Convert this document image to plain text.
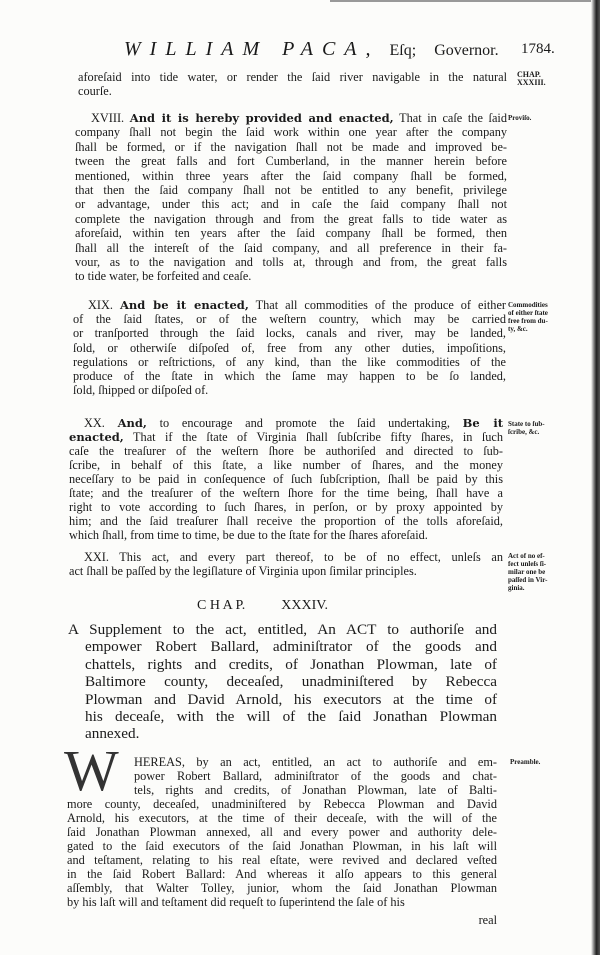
WILLIAM PACA, Eſq; Governor. 1784.
W
C H A P.	XXXIV.
real
aforeſaid into tide water, or render the ſaid river navigable in the natural
courſe.
XVIII. And it is hereby provided and enacted, That in caſe the ſaid
company ſhall not begin the ſaid work within one year after the company
ſhall be formed, or if the navigation ſhall not be made and improved be-
tween the great falls and fort Cumberland, in the manner herein before
mentioned, within three years after the ſaid company ſhall be formed,
that then the ſaid company ſhall not be entitled to any benefit, privilege
or advantage, under this act; and in caſe the ſaid company ſhall not
complete the navigation through and from the great falls to tide water as
aforeſaid, within ten years after the ſaid company ſhall be formed, then
ſhall all the intereſt of the ſaid company, and all preference in their fa-
vour, as to the navigation and tolls at, through and from, the great falls
to tide water, be forfeited and ceaſe.
XIX. And be it enacted, That all commodities of the produce of either
of the ſaid ſtates, or of the weſtern country, which may be carried
or tranſported through the ſaid locks, canals and river, may be landed,
ſold, or otherwiſe diſpoſed of, free from any other duties, impoſitions,
regulations or reſtrictions, of any kind, than the like commodities of the
produce of the ſtate in which the ſame may happen to be ſo landed,
ſold, ſhipped or diſpoſed of.
XX. And, to encourage and promote the ſaid undertaking, Be it
enacted, That if the ſtate of Virginia ſhall ſubſcribe fifty ſhares, in ſuch
caſe the treaſurer of the weſtern ſhore be authoriſed and directed to ſub-
ſcribe, in behalf of this ſtate, a like number of ſhares, and the money
neceſſary to be paid in conſequence of ſuch ſubſcription, ſhall be paid by this
ſtate; and the treaſurer of the weſtern ſhore for the time being, ſhall have a
right to vote according to ſuch ſhares, in perſon, or by proxy appointed by
him; and the ſaid treaſurer ſhall receive the proportion of the tolls aforeſaid,
which ſhall, from time to time, be due to the ſtate for the ſhares aforeſaid.
XXI. This act, and every part thereof, to be of no effect, unleſs an
act ſhall be paſſed by the legiſlature of Virginia upon ſimilar principles.
A Supplement to the act, entitled, An ACT to authoriſe and
empower Robert Ballard, adminiſtrator of the goods and
chattels, rights and credits, of Jonathan Plowman, late of
Baltimore county, deceaſed, unadminiſtered by Rebecca
Plowman and David Arnold, his executors at the time of
his deceaſe, with the will of the ſaid Jonathan Plowman
annexed.
HEREAS, by an act, entitled, an act to authoriſe and em-
power Robert Ballard, adminiſtrator of the goods and chat-
tels, rights and credits, of Jonathan Plowman, late of Balti-
more county, deceaſed, unadminiſtered by Rebecca Plowman and David
Arnold, his executors, at the time of their deceaſe, with the will of the
ſaid Jonathan Plowman annexed, all and every power and authority dele-
gated to the ſaid executors of the ſaid Jonathan Plowman, in his laſt will
and teſtament, relating to his real eſtate, were revived and declared veſted
in the ſaid Robert Ballard: And whereas it alſo appears to this general
aſſembly, that Walter Tolley, junior, whom the ſaid Jonathan Plowman
by his laſt will and teſtament did requeſt to ſuperintend the ſale of his
CHAP.
XXXIII.
Proviſo.
Commodities
of either ſtate
free from du-
ty, &c.
State to ſub-
ſcribe, &c.
Act of no ef-
fect unleſs ſi-
milar one be
paſſed in Vir-
ginia.
Preamble.
